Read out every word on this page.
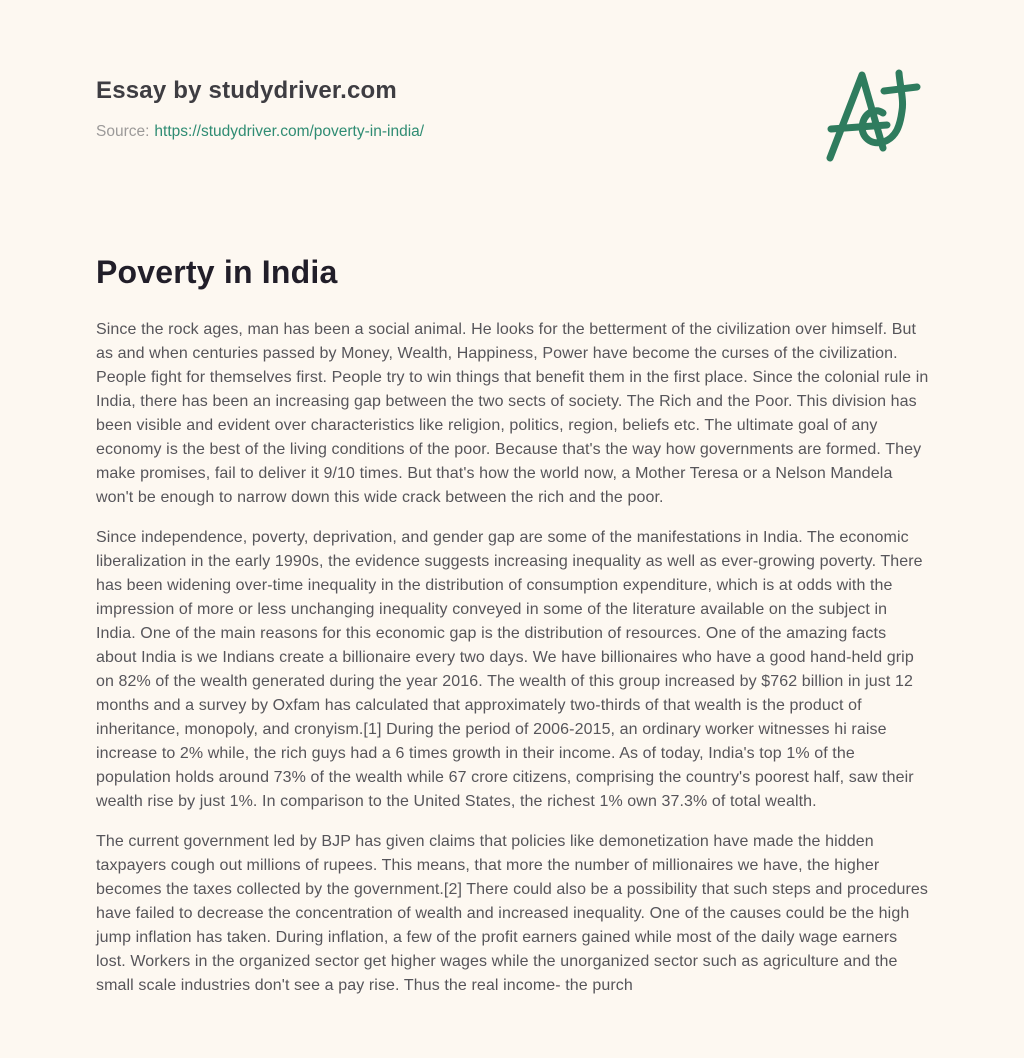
Essay by studydriver.com
Source: https://studydriver.com/poverty-in-india/
Poverty in India

Since the rock ages, man has been a social animal. He looks for the betterment of the civilization over himself. But as and when centuries passed by Money, Wealth, Happiness, Power have become the curses of the civilization. People fight for themselves first. People try to win things that benefit them in the first place. Since the colonial rule in India, there has been an increasing gap between the two sects of society. The Rich and the Poor. This division has been visible and evident over characteristics like religion, politics, region, beliefs etc. The ultimate goal of any economy is the best of the living conditions of the poor. Because that's the way how governments are formed. They make promises, fail to deliver it 9/10 times. But that's how the world now, a Mother Teresa or a Nelson Mandela won't be enough to narrow down this wide crack between the rich and the poor.

Since independence, poverty, deprivation, and gender gap are some of the manifestations in India. The economic liberalization in the early 1990s, the evidence suggests increasing inequality as well as ever-growing poverty. There has been widening over-time inequality in the distribution of consumption expenditure, which is at odds with the impression of more or less unchanging inequality conveyed in some of the literature available on the subject in India. One of the main reasons for this economic gap is the distribution of resources. One of the amazing facts about India is we Indians create a billionaire every two days. We have billionaires who have a good hand-held grip on 82% of the wealth generated during the year 2016. The wealth of this group increased by $762 billion in just 12 months and a survey by Oxfam has calculated that approximately two-thirds of that wealth is the product of inheritance, monopoly, and cronyism.[1] During the period of 2006-2015, an ordinary worker witnesses hi raise increase to 2% while, the rich guys had a 6 times growth in their income. As of today, India's top 1% of the population holds around 73% of the wealth while 67 crore citizens, comprising the country's poorest half, saw their wealth rise by just 1%. In comparison to the United States, the richest 1% own 37.3% of total wealth.

The current government led by BJP has given claims that policies like demonetization have made the hidden taxpayers cough out millions of rupees. This means, that more the number of millionaires we have, the higher becomes the taxes collected by the government.[2] There could also be a possibility that such steps and procedures have failed to decrease the concentration of wealth and increased inequality. One of the causes could be the high jump inflation has taken. During inflation, a few of the profit earners gained while most of the daily wage earners lost. Workers in the organized sector get higher wages while the unorganized sector such as agriculture and the small scale industries don't see a pay rise. Thus the real income- the purch
